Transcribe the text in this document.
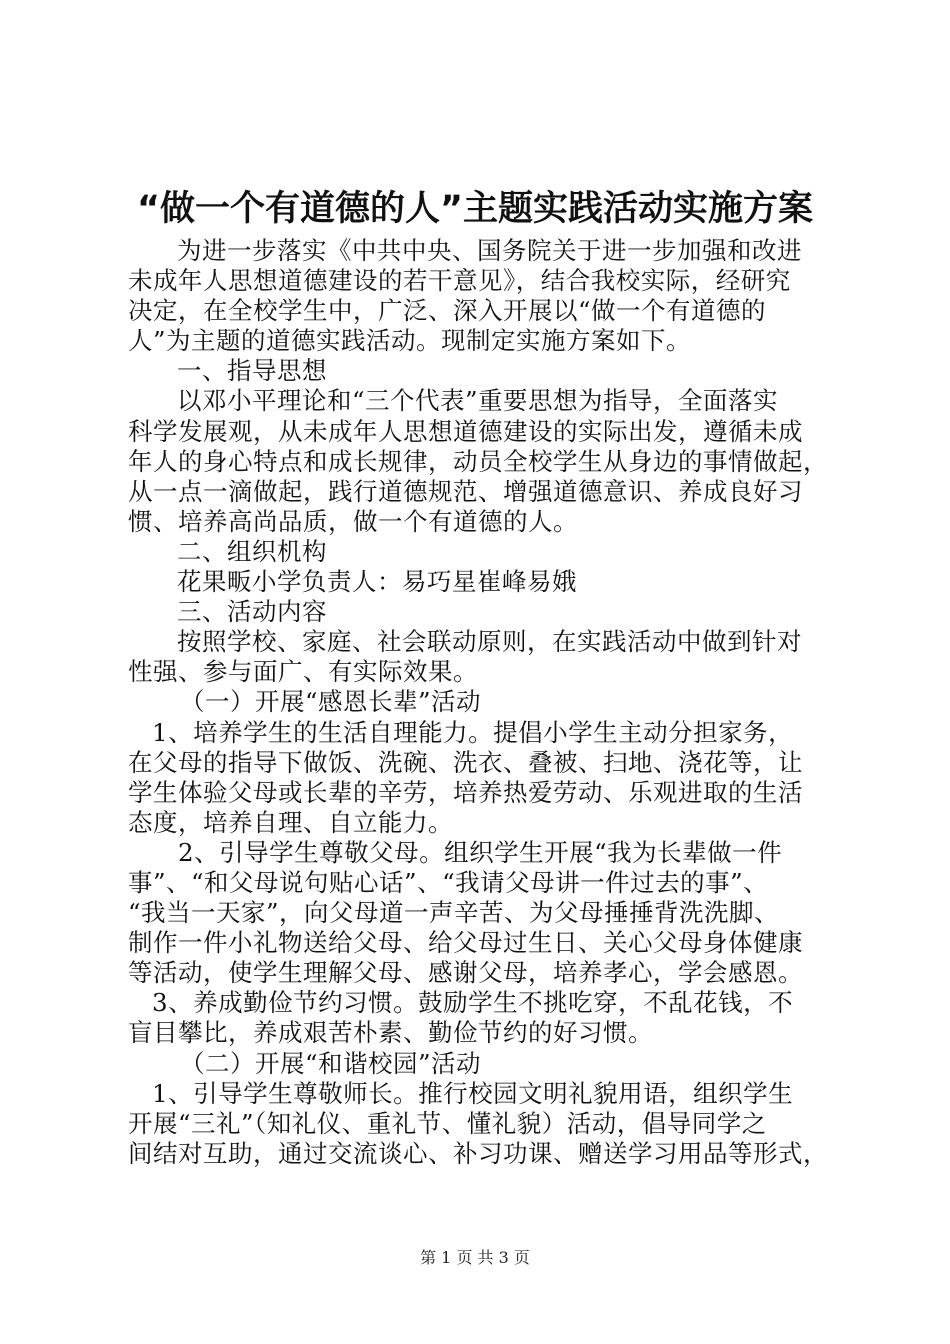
“做一个有道德的人”主题实践活动实施方案
为进一步落实《中共中央、国务院关于进一步加强和改进
未成年人思想道德建设的若干意见》，结合我校实际，经研究
决定，在全校学生中，广泛、深入开展以“做一个有道德的
人”为主题的道德实践活动。现制定实施方案如下。
一、指导思想
以邓小平理论和“三个代表”重要思想为指导，全面落实
科学发展观，从未成年人思想道德建设的实际出发，遵循未成
年人的身心特点和成长规律，动员全校学生从身边的事情做起，
从一点一滴做起，践行道德规范、增强道德意识、养成良好习
惯、培养高尚品质，做一个有道德的人。
二、组织机构
花果畈小学负责人：易巧星崔峰易娥
三、活动内容
按照学校、家庭、社会联动原则，在实践活动中做到针对
性强、参与面广、有实际效果。
（一）开展“感恩长辈”活动
1、培养学生的生活自理能力。提倡小学生主动分担家务，
在父母的指导下做饭、洗碗、洗衣、叠被、扫地、浇花等，让
学生体验父母或长辈的辛劳，培养热爱劳动、乐观进取的生活
态度，培养自理、自立能力。
2、引导学生尊敬父母。组织学生开展“我为长辈做一件
事”、“和父母说句贴心话”、“我请父母讲一件过去的事”、
“我当一天家”，向父母道一声辛苦、为父母捶捶背洗洗脚、
制作一件小礼物送给父母、给父母过生日、关心父母身体健康
等活动，使学生理解父母、感谢父母，培养孝心，学会感恩。
3、养成勤俭节约习惯。鼓励学生不挑吃穿，不乱花钱，不
盲目攀比，养成艰苦朴素、勤俭节约的好习惯。
（二）开展“和谐校园”活动
1、引导学生尊敬师长。推行校园文明礼貌用语，组织学生
开展“三礼”（知礼仪、重礼节、懂礼貌）活动，倡导同学之
间结对互助，通过交流谈心、补习功课、赠送学习用品等形式，
第 1 页 共 3 页
